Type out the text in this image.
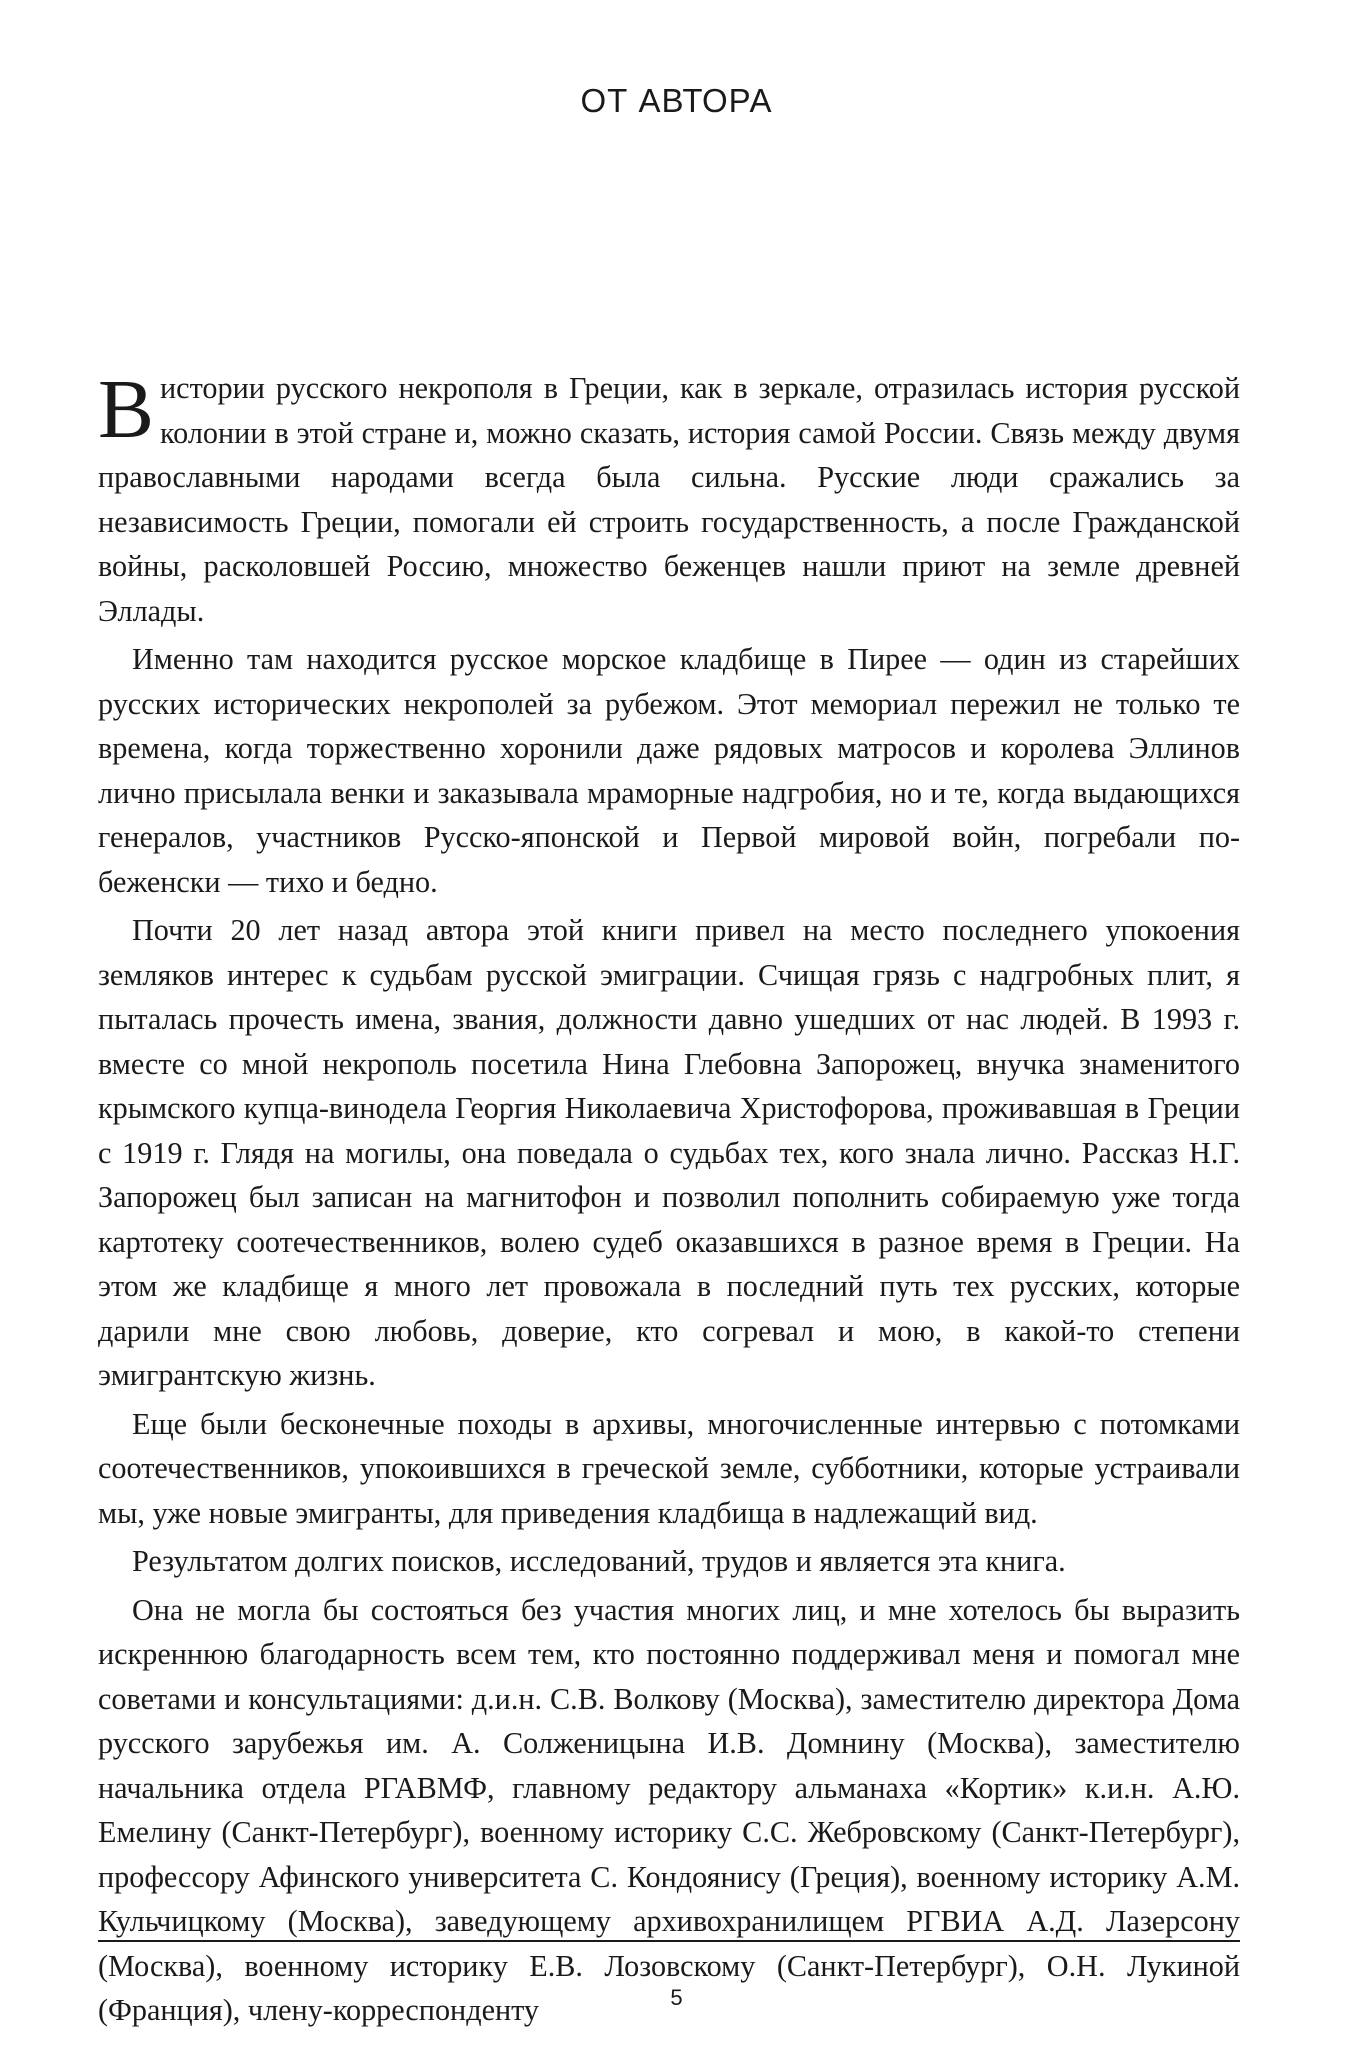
ОТ АВТОРА

В истории русского некрополя в Греции, как в зеркале, отразилась история русской колонии в этой стране и, можно сказать, история самой России. Связь между двумя православными народами всегда была сильна. Русские люди сражались за независимость Греции, помогали ей строить государственность, а после Гражданской войны, расколовшей Россию, множество беженцев нашли приют на земле древней Эллады.

Именно там находится русское морское кладбище в Пирее — один из старейших русских исторических некрополей за рубежом. Этот мемориал пережил не только те времена, когда торжественно хоронили даже рядовых матросов и королева Эллинов лично присылала венки и заказывала мраморные надгробия, но и те, когда выдающихся генералов, участников Русско-японской и Первой мировой войн, погребали по-беженски — тихо и бедно.

Почти 20 лет назад автора этой книги привел на место последнего упокоения земляков интерес к судьбам русской эмиграции. Счищая грязь с надгробных плит, я пыталась прочесть имена, звания, должности давно ушедших от нас людей. В 1993 г. вместе со мной некрополь посетила Нина Глебовна Запорожец, внучка знаменитого крымского купца-винодела Георгия Николаевича Христофорова, проживавшая в Греции с 1919 г. Глядя на могилы, она поведала о судьбах тех, кого знала лично. Рассказ Н.Г. Запорожец был записан на магнитофон и позволил пополнить собираемую уже тогда картотеку соотечественников, волею судеб оказавшихся в разное время в Греции. На этом же кладбище я много лет провожала в последний путь тех русских, которые дарили мне свою любовь, доверие, кто согревал и мою, в какой-то степени эмигрантскую жизнь.

Еще были бесконечные походы в архивы, многочисленные интервью с потомками соотечественников, упокоившихся в греческой земле, субботники, которые устраивали мы, уже новые эмигранты, для приведения кладбища в надлежащий вид.

Результатом долгих поисков, исследований, трудов и является эта книга.

Она не могла бы состояться без участия многих лиц, и мне хотелось бы выразить искреннюю благодарность всем тем, кто постоянно поддерживал меня и помогал мне советами и консультациями: д.и.н. С.В. Волкову (Москва), заместителю директора Дома русского зарубежья им. А. Солженицына И.В. Домнину (Москва), заместителю начальника отдела РГАВМФ, главному редактору альманаха «Кортик» к.и.н. А.Ю. Емелину (Санкт-Петербург), военному историку С.С. Жебровскому (Санкт-Петербург), профессору Афинского университета С. Кондоянису (Греция), военному историку А.М. Кульчицкому (Москва), заведующему архивохранилищем РГВИА А.Д. Лазерсону (Москва), военному историку Е.В. Лозовскому (Санкт-Петербург), О.Н. Лукиной (Франция), члену-корреспонденту	5
